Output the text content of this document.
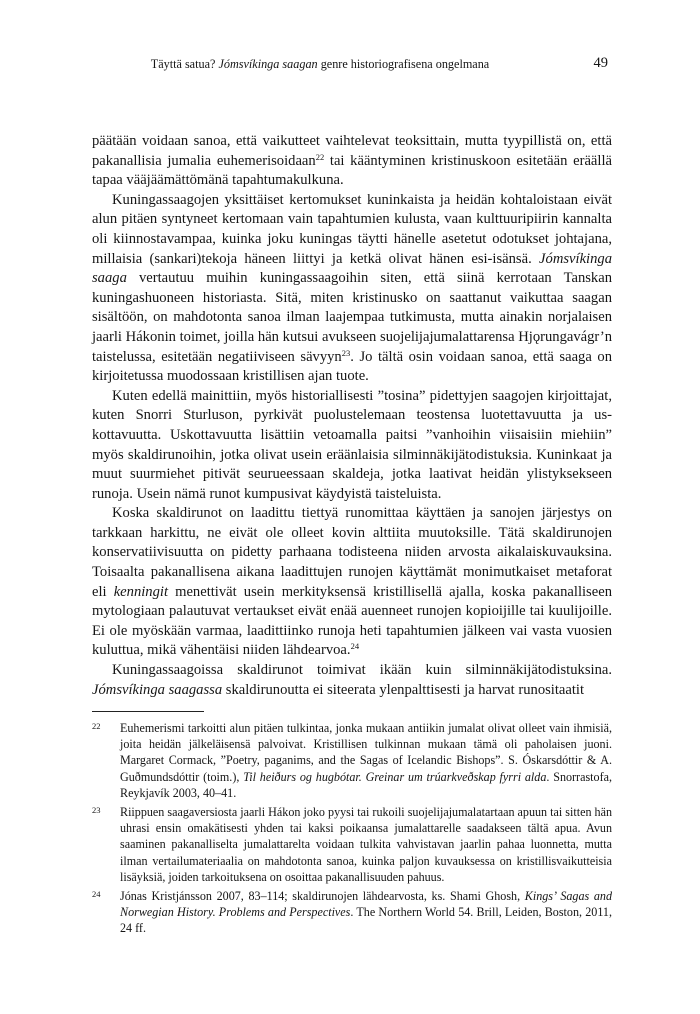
Täyttä satua? Jómsvíkinga saagan genre historiografisena ongelmana	49

päätään voidaan sanoa, että vaikutteet vaihtelevat teoksittain, mutta tyypillistä on, että pakanallisia jumalia euhemerisoidaan$^{22}$ tai kääntyminen kristinuskoon esitetään eräällä tapaa vääjäämättömänä tapahtumakulkuna.

Kuningassaagojen yksittäiset kertomukset kuninkaista ja heidän kohtaloistaan eivät alun pitäen syntyneet kertomaan vain tapahtumien kulusta, vaan kulttuuripiirin kannalta oli kiinnostavampaa, kuinka joku kuningas täytti hänelle asetetut odotukset johtajana, millaisia (sankari)tekoja häneen liittyi ja ketkä olivat hänen esi-isänsä. Jómsvíkinga saaga vertautuu muihin kuningassaagoihin siten, että siinä kerrotaan Tanskan kuningashuoneen historiasta. Sitä, miten kristinusko on saattanut vaikuttaa saagan sisältöön, on mahdotonta sanoa ilman laajempaa tutkimusta, mutta ainakin norjalaisen jaarli Hákonin toimet, joilla hän kutsui avukseen suojelijajumalattarensa Hjǫrungavágr’n taistelussa, esitetään negatiiviseen sävyyn$^{23}$. Jo tältä osin voidaan sanoa, että saaga on kirjoitetussa muodossaan kristillisen ajan tuote.

Kuten edellä mainittiin, myös historiallisesti ”tosina” pidettyjen saagojen kirjoittajat, kuten Snorri Sturluson, pyrkivät puolustelemaan teostensa luotettavuutta ja uskottavuutta. Uskottavuutta lisättiin vetoamalla paitsi ”vanhoihin viisaisiin miehiin” myös skaldirunoihin, jotka olivat usein eräänlaisia silminnäkijätodistuksia. Kuninkaat ja muut suurmiehet pitivät seurueessaan skaldeja, jotka laativat heidän ylistyksekseen runoja. Usein nämä runot kumpusivat käydyistä taisteluista.

Koska skaldirunot on laadittu tiettyä runomittaa käyttäen ja sanojen järjestys on tarkkaan harkittu, ne eivät ole olleet kovin alttiita muutoksille. Tätä skaldirunojen konservatiivisuutta on pidetty parhaana todisteena niiden arvosta aikalaiskuvauksina. Toisaalta pakanallisena aikana laadittujen runojen käyttämät monimutkaiset metaforat eli kenningit menettivät usein merkityksensä kristillisellä ajalla, koska pakanalliseen mytologiaan palautuvat vertaukset eivät enää auenneet runojen kopioijille tai kuulijoille. Ei ole myöskään varmaa, laadittiinko runoja heti tapahtumien jälkeen vai vasta vuosien kuluttua, mikä vähentäisi niiden lähdearvoa.$^{24}$

Kuningassaagoissa skaldirunot toimivat ikään kuin silminnäkijätodistuksina. Jómsvíkinga saagassa skaldirunoutta ei siteerata ylenpalttisesti ja harvat runositaatit

22 Euhemerismi tarkoitti alun pitäen tulkintaa, jonka mukaan antiikin jumalat olivat olleet vain ihmisiä, joita heidän jälkeläisensä palvoivat. Kristillisen tulkinnan mukaan tämä oli paholaisen juoni. Margaret Cormack, ”Poetry, paganims, and the Sagas of Icelandic Bishops”. S. Óskarsdóttir & A. Guðmundsdóttir (toim.), Til heiðurs og hugbótar. Greinar um trúarkveðskap fyrri alda. Snorrastofa, Reykjavík 2003, 40–41.
23 Riippuen saagaversiosta jaarli Hákon joko pyysi tai rukoili suojelijajumalatartaan apuun tai sitten hän uhrasi ensin omakätisesti yhden tai kaksi poikaansa jumalattarelle saadakseen tältä apua. Avun saaminen pakanalliselta jumalattarelta voidaan tulkita vahvistavan jaarlin pahaa luonnetta, mutta ilman vertailumateriaalia on mahdotonta sanoa, kuinka paljon kuvauksessa on kristillisvaikutteisia lisäyksiä, joiden tarkoituksena on osoittaa pakanallisuuden pahuus.
24 Jónas Kristjánsson 2007, 83–114; skaldirunojen lähdearvosta, ks. Shami Ghosh, Kings’ Sagas and Norwegian History. Problems and Perspectives. The Northern World 54. Brill, Leiden, Boston, 2011, 24 ff.
